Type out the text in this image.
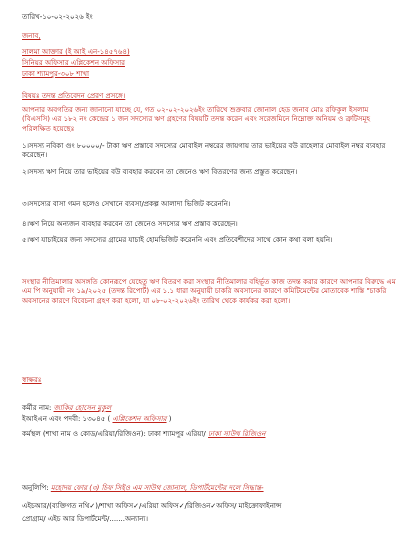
তারিখ-১০-০২-২০২৬ ইং
জনাব,
সালমা আক্তার (ই আই এন-১৪৫৭৬৪)
সিনিয়র অফিসার এপ্লিকেশন অফিসার
ঢাকা শ্যামপুর-৩০৮ শাখা
বিষয়ঃ তদন্ত প্রতিবেদন প্রেরণ প্রসঙ্গে।
আপনার অবগতির জন্য জানানো যাচ্ছে যে, গত ০২-০২-২০২৬ইং তারিখে শুক্রবার জোনাল হেড জনাব মোঃ রফিকুল ইসলাম (বিএসসি) এর ১৮২ নং কেন্দ্রের ১ জন সদস্যের ঋণ গ্রহণের বিষয়টি তদন্ত করেন এবং সরেজমিনে নিম্নোক্ত অনিয়ম ও ত্রুটিসমূহ পরিলক্ষিত হয়েছেঃ
১।সদস্য নবিকা গুং ৮০০০০/- টাকা ঋণ প্রস্তাবে সদস্যের মোবাইল নম্বরের জায়গায় তার ভাইয়ের বউ রাহেলার মোবাইল নম্বর ব্যবহার করেছেন।
২।সদস্য ঋণ নিয়ে তার ভাইয়ের বউ ব্যবহার করবেন তা জেনেও ঋণ বিতরণের জন্য প্রস্তুত করেছেন।
৩।সদস্যের বাসা গমন হলেও সেখানে ব্যবসা/প্রকল্প আলাদা ভিজিট করেননি।
৪।ঋণ নিয়ে অন্যজন ব্যবহার করবেন তা জেনেও সদস্যের ঋণ প্রস্তাব করেছেন।
৫।ঋণ যাচাইয়ের জন্য সদস্যের গ্রামের যাচাই হোমভিজিট করেননি এবং প্রতিবেশীদের সাথে কোন কথা বলা হয়নি।
সংস্থার নীতিমালার অসঙ্গতি কোনরূপে যেহেতু ঋণ বিতরণ করা সংস্থার নীতিমালার বহির্ভূত কাজ তদন্ত করার কারণে আপনার বিরুদ্ধে এম এম পি অনুযায়ী নং ১৯/২০২৫ (তদন্ত রিপোর্ট) এর ১.১ ধারা অনুযায়ী চাকরি অবসানের কারণে কমিটিমেন্টের মোতাবেক শাস্তি "চাকরি অবসানের কারণে বিবেচনা গ্রহণ করা হলো, যা ০৮-০২-২০২৬ইং তারিখ থেকে কার্যকর করা হলো।
স্বাক্ষরঃ
কর্মীর নাম: জাকির হোসেন মুকুল
ইআইএন এবং পদবী: ১৩০৪৫ ( এপ্লিকেশন অফিসার )
কর্মস্থল (শাখা নাম ও কোড/এরিয়া/রিজিওন): ঢাকা শ্যামপুর এরিয়া/ ঢাকা সাউথ রিজিওন
অনুলিপি: মহোদয় ফোর (৩) চিফ সিইও এম সাউথ জোনাল, ডিপার্টমেন্টের দলে সিদ্ধান্ত-
এইচআর/(ব্যক্তিগত নথি✓)/শাখা অফিস✓/এরিয়া অফিস✓/রিজিওন✓অফিস/ মাইক্রোফাইনান্স
প্রোগ্রাম/ এইচ আর ডিপার্টমেন্ট/.......অন্যান্য।
